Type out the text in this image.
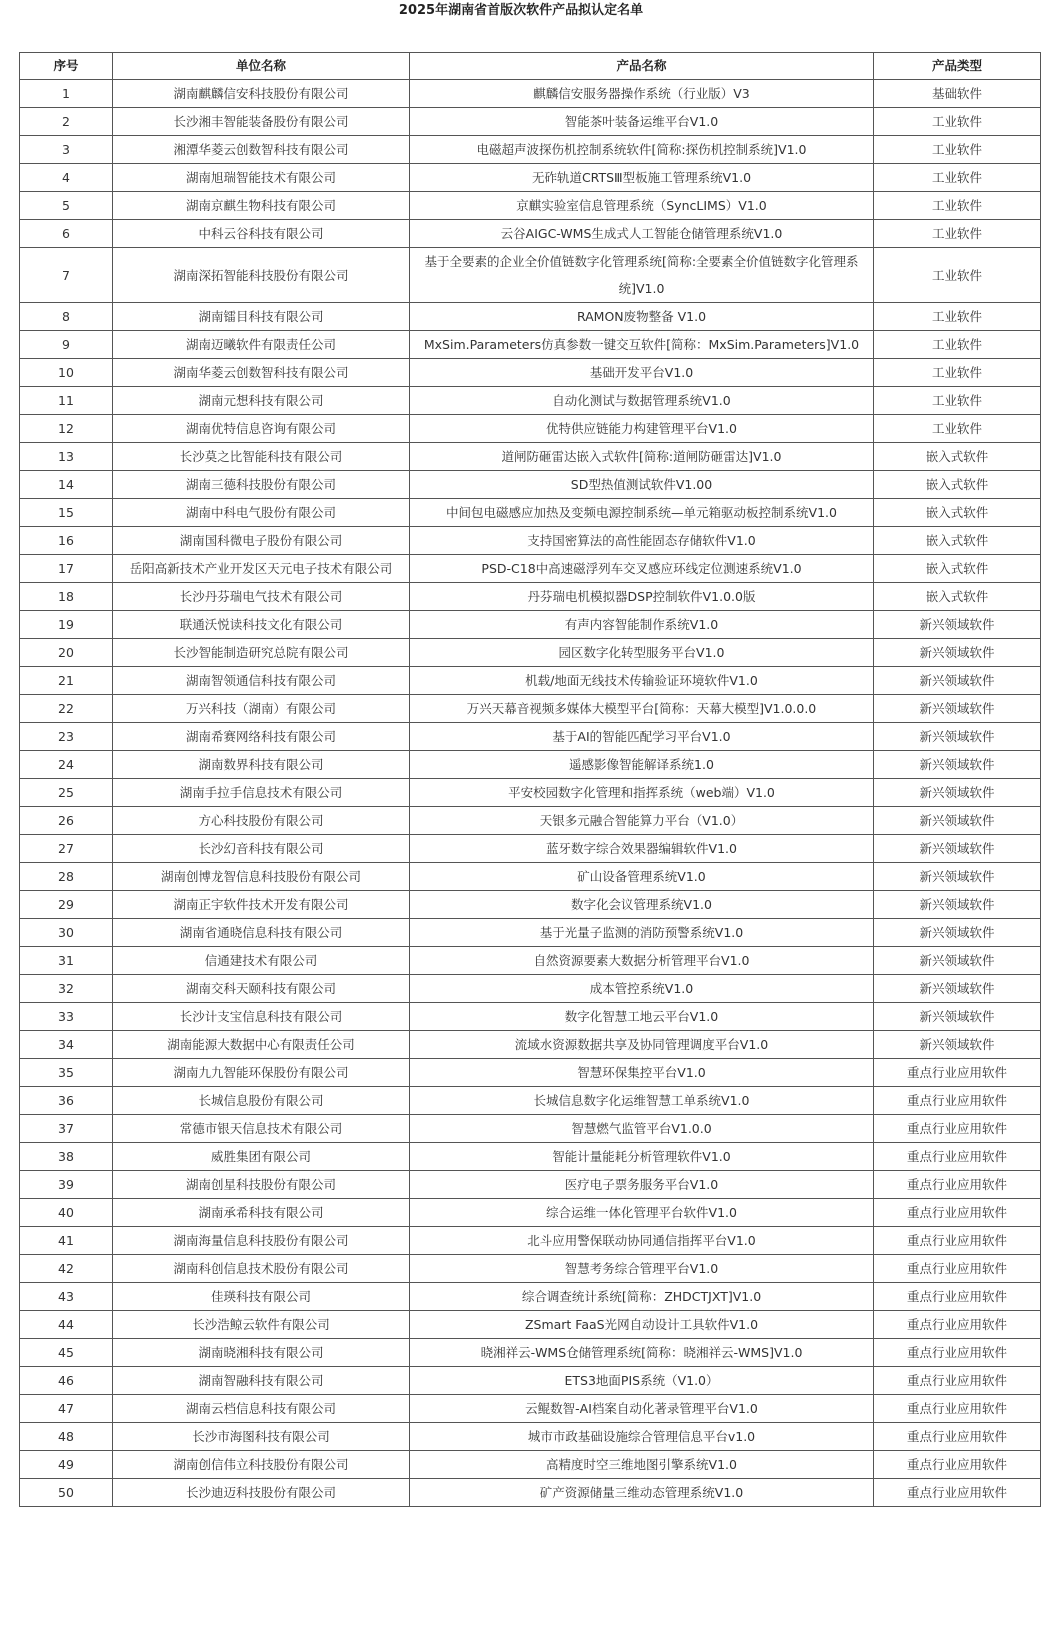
2025年湖南省首版次软件产品拟认定名单
序号	单位名称	产品名称	产品类型
1	湖南麒麟信安科技股份有限公司	麒麟信安服务器操作系统（行业版）V3	基础软件
2	长沙湘丰智能装备股份有限公司	智能茶叶装备运维平台V1.0	工业软件
3	湘潭华菱云创数智科技有限公司	电磁超声波探伤机控制系统软件[简称:探伤机控制系统]V1.0	工业软件
4	湖南旭瑞智能技术有限公司	无砟轨道CRTSⅢ型板施工管理系统V1.0	工业软件
5	湖南京麒生物科技有限公司	京麒实验室信息管理系统（SyncLIMS）V1.0	工业软件
6	中科云谷科技有限公司	云谷AIGC-WMS生成式人工智能仓储管理系统V1.0	工业软件
7	湖南深拓智能科技股份有限公司	基于全要素的企业全价值链数字化管理系统[简称:全要素全价值链数字化管理系统]V1.0	工业软件
8	湖南镭目科技有限公司	RAMON废物整备 V1.0	工业软件
9	湖南迈曦软件有限责任公司	MxSim.Parameters仿真参数一键交互软件[简称：MxSim.Parameters]V1.0	工业软件
10	湖南华菱云创数智科技有限公司	基础开发平台V1.0	工业软件
11	湖南元想科技有限公司	自动化测试与数据管理系统V1.0	工业软件
12	湖南优特信息咨询有限公司	优特供应链能力构建管理平台V1.0	工业软件
13	长沙莫之比智能科技有限公司	道闸防砸雷达嵌入式软件[简称:道闸防砸雷达]V1.0	嵌入式软件
14	湖南三德科技股份有限公司	SD型热值测试软件V1.00	嵌入式软件
15	湖南中科电气股份有限公司	中间包电磁感应加热及变频电源控制系统—单元箱驱动板控制系统V1.0	嵌入式软件
16	湖南国科微电子股份有限公司	支持国密算法的高性能固态存储软件V1.0	嵌入式软件
17	岳阳高新技术产业开发区天元电子技术有限公司	PSD-C18中高速磁浮列车交叉感应环线定位测速系统V1.0	嵌入式软件
18	长沙丹芬瑞电气技术有限公司	丹芬瑞电机模拟器DSP控制软件V1.0.0版	嵌入式软件
19	联通沃悦读科技文化有限公司	有声内容智能制作系统V1.0	新兴领域软件
20	长沙智能制造研究总院有限公司	园区数字化转型服务平台V1.0	新兴领域软件
21	湖南智领通信科技有限公司	机载/地面无线技术传输验证环境软件V1.0	新兴领域软件
22	万兴科技（湖南）有限公司	万兴天幕音视频多媒体大模型平台[简称：天幕大模型]V1.0.0.0	新兴领域软件
23	湖南希赛网络科技有限公司	基于AI的智能匹配学习平台V1.0	新兴领域软件
24	湖南数界科技有限公司	遥感影像智能解译系统1.0	新兴领域软件
25	湖南手拉手信息技术有限公司	平安校园数字化管理和指挥系统（web端）V1.0	新兴领域软件
26	方心科技股份有限公司	天银多元融合智能算力平台（V1.0）	新兴领域软件
27	长沙幻音科技有限公司	蓝牙数字综合效果器编辑软件V1.0	新兴领域软件
28	湖南创博龙智信息科技股份有限公司	矿山设备管理系统V1.0	新兴领域软件
29	湖南正宇软件技术开发有限公司	数字化会议管理系统V1.0	新兴领域软件
30	湖南省通晓信息科技有限公司	基于光量子监测的消防预警系统V1.0	新兴领域软件
31	信通建技术有限公司	自然资源要素大数据分析管理平台V1.0	新兴领域软件
32	湖南交科天颐科技有限公司	成本管控系统V1.0	新兴领域软件
33	长沙计支宝信息科技有限公司	数字化智慧工地云平台V1.0	新兴领域软件
34	湖南能源大数据中心有限责任公司	流域水资源数据共享及协同管理调度平台V1.0	新兴领域软件
35	湖南九九智能环保股份有限公司	智慧环保集控平台V1.0	重点行业应用软件
36	长城信息股份有限公司	长城信息数字化运维智慧工单系统V1.0	重点行业应用软件
37	常德市银天信息技术有限公司	智慧燃气监管平台V1.0.0	重点行业应用软件
38	威胜集团有限公司	智能计量能耗分析管理软件V1.0	重点行业应用软件
39	湖南创星科技股份有限公司	医疗电子票务服务平台V1.0	重点行业应用软件
40	湖南承希科技有限公司	综合运维一体化管理平台软件V1.0	重点行业应用软件
41	湖南海量信息科技股份有限公司	北斗应用警保联动协同通信指挥平台V1.0	重点行业应用软件
42	湖南科创信息技术股份有限公司	智慧考务综合管理平台V1.0	重点行业应用软件
43	佳瑛科技有限公司	综合调查统计系统[简称：ZHDCTJXT]V1.0	重点行业应用软件
44	长沙浩鲸云软件有限公司	ZSmart FaaS光网自动设计工具软件V1.0	重点行业应用软件
45	湖南晓湘科技有限公司	晓湘祥云-WMS仓储管理系统[简称：晓湘祥云-WMS]V1.0	重点行业应用软件
46	湖南智融科技有限公司	ETS3地面PIS系统（V1.0）	重点行业应用软件
47	湖南云档信息科技有限公司	云鲲数智-AI档案自动化著录管理平台V1.0	重点行业应用软件
48	长沙市海图科技有限公司	城市市政基础设施综合管理信息平台v1.0	重点行业应用软件
49	湖南创信伟立科技股份有限公司	高精度时空三维地图引擎系统V1.0	重点行业应用软件
50	长沙迪迈科技股份有限公司	矿产资源储量三维动态管理系统V1.0	重点行业应用软件
